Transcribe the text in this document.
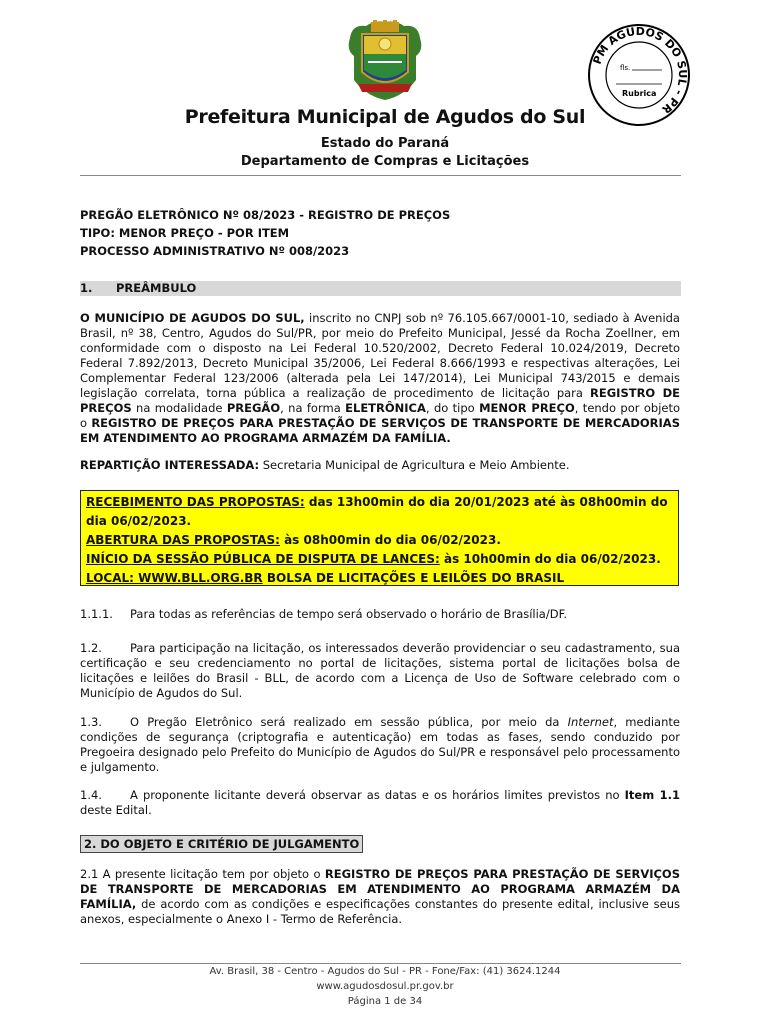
PM AGUDOS DO SUL - PR
fls.
Rubrica
Prefeitura Municipal de Agudos do Sul
Estado do Paraná
Departamento de Compras e Licitações
PREGÃO ELETRÔNICO Nº 08/2023 - REGISTRO DE PREÇOS
TIPO: MENOR PREÇO - POR ITEM
PROCESSO ADMINISTRATIVO Nº 008/2023
1. PREÂMBULO
O MUNICÍPIO DE AGUDOS DO SUL, inscrito no CNPJ sob nº 76.105.667/0001-10, sediado à Avenida Brasil, nº 38, Centro, Agudos do Sul/PR, por meio do Prefeito Municipal, Jessé da Rocha Zoellner, em conformidade com o disposto na Lei Federal 10.520/2002, Decreto Federal 10.024/2019, Decreto Federal 7.892/2013, Decreto Municipal 35/2006, Lei Federal 8.666/1993 e respectivas alterações, Lei Complementar Federal 123/2006 (alterada pela Lei 147/2014), Lei Municipal 743/2015 e demais legislação correlata, torna pública a realização de procedimento de licitação para REGISTRO DE PREÇOS na modalidade PREGÃO, na forma ELETRÔNICA, do tipo MENOR PREÇO, tendo por objeto o REGISTRO DE PREÇOS PARA PRESTAÇÃO DE SERVIÇOS DE TRANSPORTE DE MERCADORIAS EM ATENDIMENTO AO PROGRAMA ARMAZÉM DA FAMÍLIA.
REPARTIÇÃO INTERESSADA: Secretaria Municipal de Agricultura e Meio Ambiente.
RECEBIMENTO DAS PROPOSTAS: das 13h00min do dia 20/01/2023 até às 08h00min do dia 06/02/2023.
ABERTURA DAS PROPOSTAS: às 08h00min do dia 06/02/2023.
INÍCIO DA SESSÃO PÚBLICA DE DISPUTA DE LANCES: às 10h00min do dia 06/02/2023.
LOCAL: WWW.BLL.ORG.BR BOLSA DE LICITAÇÕES E LEILÕES DO BRASIL
1.1.1. Para todas as referências de tempo será observado o horário de Brasília/DF.
1.2. Para participação na licitação, os interessados deverão providenciar o seu cadastramento, sua certificação e seu credenciamento no portal de licitações, sistema portal de licitações bolsa de licitações e leilões do Brasil - BLL, de acordo com a Licença de Uso de Software celebrado com o Município de Agudos do Sul.
1.3. O Pregão Eletrônico será realizado em sessão pública, por meio da Internet, mediante condições de segurança (criptografia e autenticação) em todas as fases, sendo conduzido por Pregoeira designado pelo Prefeito do Município de Agudos do Sul/PR e responsável pelo processamento e julgamento.
1.4. A proponente licitante deverá observar as datas e os horários limites previstos no Item 1.1 deste Edital.
2. DO OBJETO E CRITÉRIO DE JULGAMENTO
2.1 A presente licitação tem por objeto o REGISTRO DE PREÇOS PARA PRESTAÇÃO DE SERVIÇOS DE TRANSPORTE DE MERCADORIAS EM ATENDIMENTO AO PROGRAMA ARMAZÉM DA FAMÍLIA, de acordo com as condições e especificações constantes do presente edital, inclusive seus anexos, especialmente o Anexo I - Termo de Referência.
Av. Brasil, 38 - Centro - Agudos do Sul - PR - Fone/Fax: (41) 3624.1244
www.agudosdosul.pr.gov.br
Página 1 de 34
